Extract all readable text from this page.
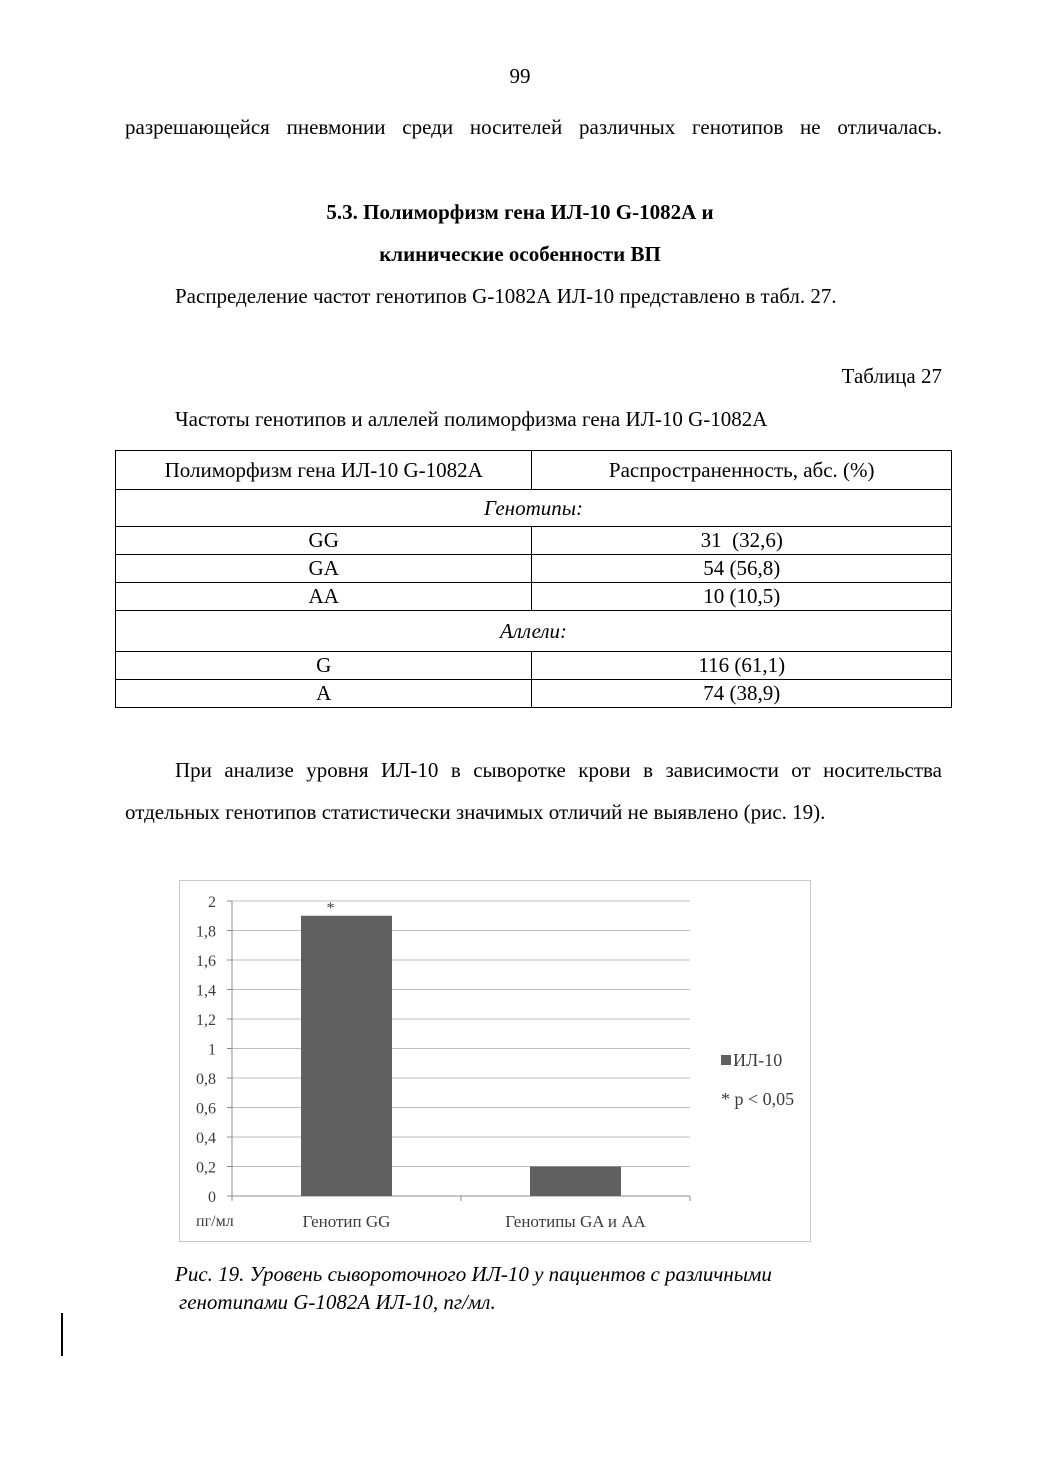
99
разрешающейся пневмонии среди носителей различных генотипов не отличалась.
5.3. Полиморфизм гена ИЛ-10 G-1082А и
клинические особенности ВП
Распределение частот генотипов G-1082А ИЛ-10 представлено в табл. 27.
Таблица 27
Частоты генотипов и аллелей полиморфизма гена ИЛ-10 G-1082А
Полиморфизм гена ИЛ-10 G-1082А	Распространенность, абс. (%)
Генотипы:	
GG	31  (32,6)
GA	54 (56,8)
AA	10 (10,5)
Аллели:	
G	116 (61,1)
A	74 (38,9)
При анализе уровня ИЛ-10 в сыворотке крови в зависимости от носительства отдельных генотипов статистически значимых отличий не выявлено (рис. 19).
0
0,2
0,4
0,6
0,8
1
1,2
1,4
1,6
1,8
2	*
Генотип GG	Генотипы GA и AA
пг/мл
ИЛ-10
* р < 0,05
Рис. 19. Уровень сывороточного ИЛ-10 у пациентов с различными
генотипами G-1082А ИЛ-10, пг/мл.
